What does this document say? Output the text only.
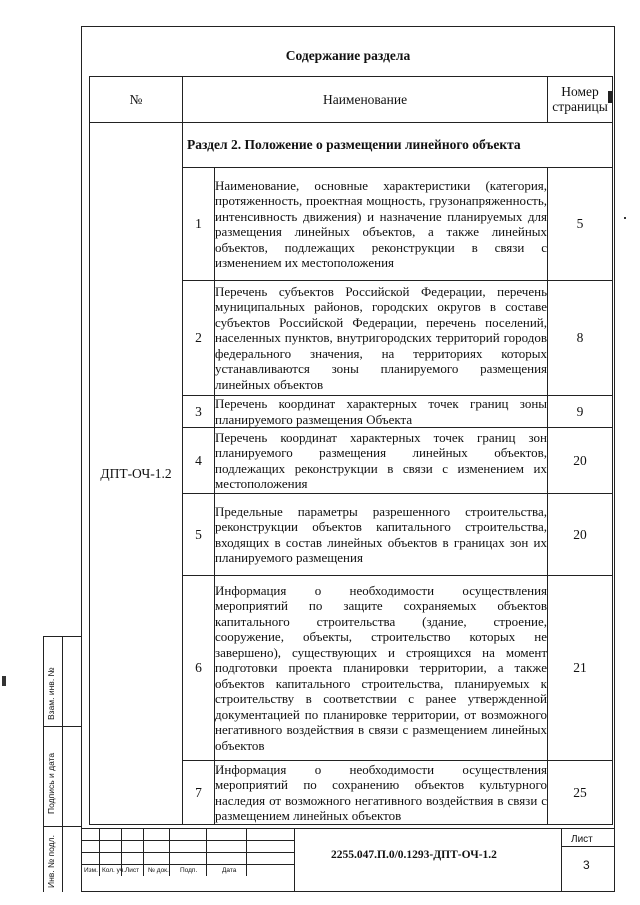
Содержание раздела
№	Наименование		Номер страницы
ДПТ-ОЧ-1.2	Раздел 2. Положение о размещении линейного объекта		
	1	Наименование, основные характеристики (категория, протяженность, проектная мощность, грузонапряженность, интенсивность движения) и назначение планируемых для размещения линейных объектов, а также линейных объектов, подлежащих реконструкции в связи с изменением их местоположения	5
	2	Перечень субъектов Российской Федерации, перечень муниципальных районов, городских округов в составе субъектов Российской Федерации, перечень поселений, населенных пунктов, внутригородских территорий городов федерального значения, на территориях которых устанавливаются зоны планируемого размещения линейных объектов	8
	3	Перечень координат характерных точек границ зоны планируемого размещения Объекта	9
	4	Перечень координат характерных точек границ зон планируемого размещения линейных объектов, подлежащих реконструкции в связи с изменением их местоположения	20
	5	Предельные параметры разрешенного строительства, реконструкции объектов капитального строительства, входящих в состав линейных объектов в границах зон их планируемого размещения	20
	6	Информация о необходимости осуществления мероприятий по защите сохраняемых объектов капитального строительства (здание, строение, сооружение, объекты, строительство которых не завершено), существующих и строящихся на момент подготовки проекта планировки территории, а также объектов капитального строительства, планируемых к строительству в соответствии с ранее утвержденной документацией по планировке территории, от возможного негативного воздействия в связи с размещением линейных объектов	21
	7	Информация о необходимости осуществления мероприятий по сохранению объектов культурного наследия от возможного негативного воздействия в связи с размещением линейных объектов	25
Взам. инв. №
Подпись и дата
Инв. № подл.	Изм. Кол. уч. Лист № док. Подп.	Дата
2255.047.П.0/0.1293-ДПТ-ОЧ-1.2
Лист
3
